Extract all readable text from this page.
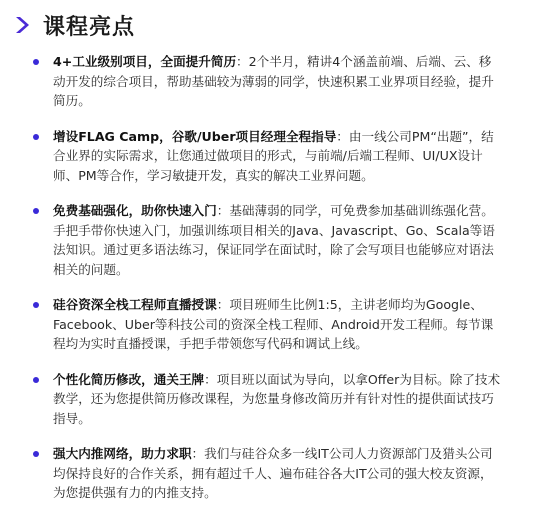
课程亮点
4+工业级别项目，全面提升简历：2个半月，精讲4个涵盖前端、后端、云、移动开发的综合项目，帮助基础较为薄弱的同学，快速积累工业界项目经验，提升简历。
增设FLAG Camp，谷歌/Uber项目经理全程指导：由一线公司PM“出题”，结合业界的实际需求，让您通过做项目的形式，与前端/后端工程师、UI/UX设计师、PM等合作，学习敏捷开发，真实的解决工业界问题。
免费基础强化，助你快速入门：基础薄弱的同学，可免费参加基础训练强化营。手把手带你快速入门，加强训练项目相关的Java、Javascript、Go、Scala等语法知识。通过更多语法练习，保证同学在面试时，除了会写项目也能够应对语法相关的问题。
硅谷资深全栈工程师直播授课：项目班师生比例1:5，主讲老师均为Google、Facebook、Uber等科技公司的资深全栈工程师、Android开发工程师。每节课程均为实时直播授课，手把手带领您写代码和调试上线。
个性化简历修改，通关王牌：项目班以面试为导向，以拿Offer为目标。除了技术教学，还为您提供简历修改课程，为您量身修改简历并有针对性的提供面试技巧指导。
强大内推网络，助力求职：我们与硅谷众多一线IT公司人力资源部门及猎头公司均保持良好的合作关系，拥有超过千人、遍布硅谷各大IT公司的强大校友资源，为您提供强有力的内推支持。
